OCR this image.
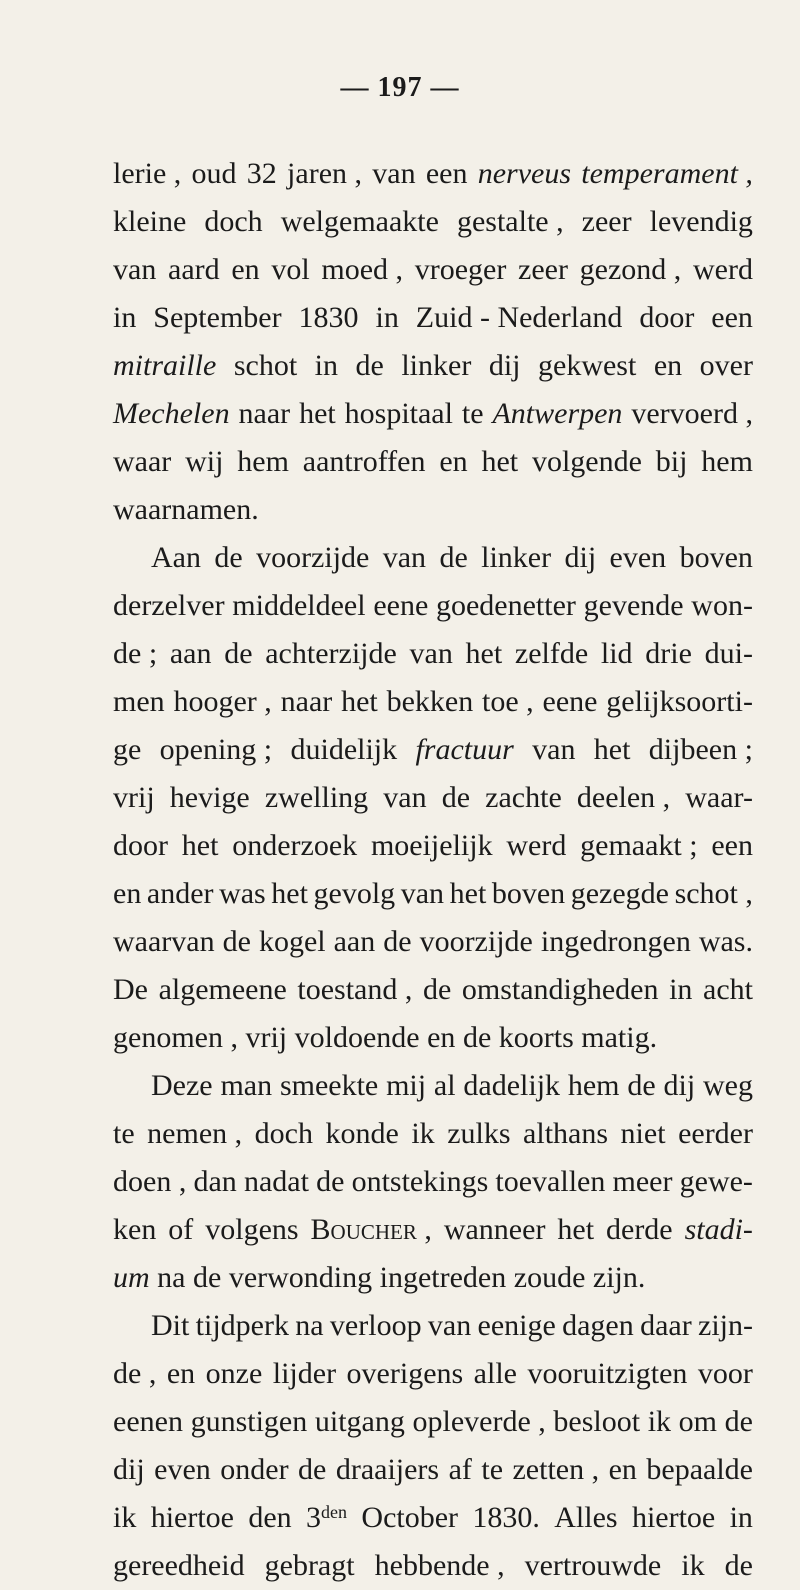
— 197 —
lerie , oud 32 jaren , van een nerveus temperament ,
kleine doch welgemaakte gestalte , zeer levendig
van aard en vol moed , vroeger zeer gezond , werd
in September 1830 in Zuid - Nederland door een
mitraille schot in de linker dij gekwest en over
Mechelen naar het hospitaal te Antwerpen vervoerd ,
waar wij hem aantroffen en het volgende bij hem
waarnamen.
Aan de voorzijde van de linker dij even boven
derzelver middeldeel eene goedenetter gevende won-
de ; aan de achterzijde van het zelfde lid drie dui-
men hooger , naar het bekken toe , eene gelijksoorti-
ge opening ; duidelijk fractuur van het dijbeen ;
vrij hevige zwelling van de zachte deelen , waar-
door het onderzoek moeijelijk werd gemaakt ; een
en ander was het gevolg van het boven gezegde schot ,
waarvan de kogel aan de voorzijde ingedrongen was.
De algemeene toestand , de omstandigheden in acht
genomen , vrij voldoende en de koorts matig.
Deze man smeekte mij al dadelijk hem de dij weg
te nemen , doch konde ik zulks althans niet eerder
doen , dan nadat de ontstekings toevallen meer gewe-
ken of volgens Boucher , wanneer het derde stadi-
um na de verwonding ingetreden zoude zijn.
Dit tijdperk na verloop van eenige dagen daar zijn-
de , en onze lijder overigens alle vooruitzigten voor
eenen gunstigen uitgang opleverde , besloot ik om de
dij even onder de draaijers af te zetten , en bepaalde
ik hiertoe den $3^{den}$ October 1830. Alles hiertoe in
gereedheid gebragt hebbende , vertrouwde ik de
